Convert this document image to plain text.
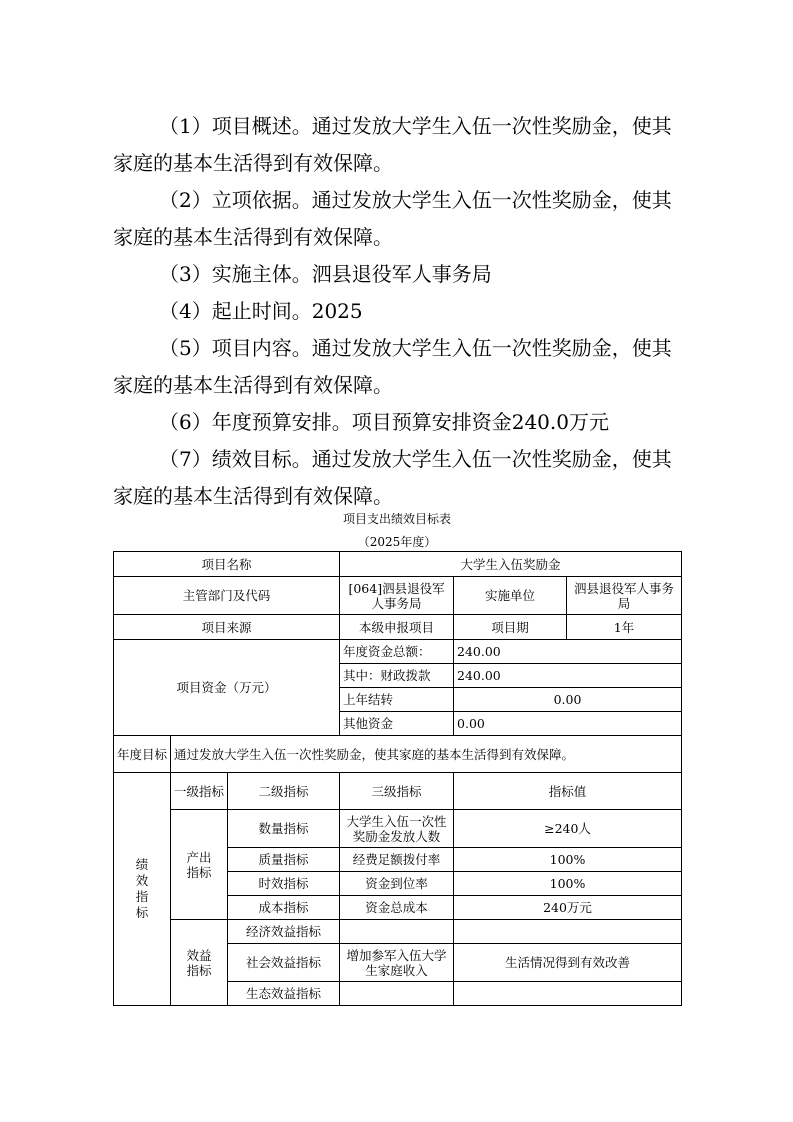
（1）项目概述。通过发放大学生入伍一次性奖励金，使其家庭的基本生活得到有效保障。

（2）立项依据。通过发放大学生入伍一次性奖励金，使其家庭的基本生活得到有效保障。

（3）实施主体。泗县退役军人事务局

（4）起止时间。2025

（5）项目内容。通过发放大学生入伍一次性奖励金，使其家庭的基本生活得到有效保障。

（6）年度预算安排。项目预算安排资金240.0万元

（7）绩效目标。通过发放大学生入伍一次性奖励金，使其家庭的基本生活得到有效保障。

项目支出绩效目标表
（2025年度）
项目名称			大学生入伍奖励金		
主管部门及代码			[064]泗县退役军人事务局	实施单位	泗县退役军人事务局
项目来源			本级申报项目	项目期	1年
项目资金（万元）			年度资金总额：	240.00	
			其中：财政拨款	240.00	
			上年结转	0.00	
			其他资金	0.00	
年度目标	通过发放大学生入伍一次性奖励金，使其家庭的基本生活得到有效保障。				
绩效指标	一级指标	二级指标	三级指标	指标值	
	产出指标	数量指标	大学生入伍一次性奖励金发放人数	≥240人	
		质量指标	经费足额拨付率	100%	
		时效指标	资金到位率	100%	
		成本指标	资金总成本	240万元	
	效益指标	经济效益指标			
		社会效益指标	增加参军入伍大学生家庭收入	生活情况得到有效改善	
		生态效益指标			
